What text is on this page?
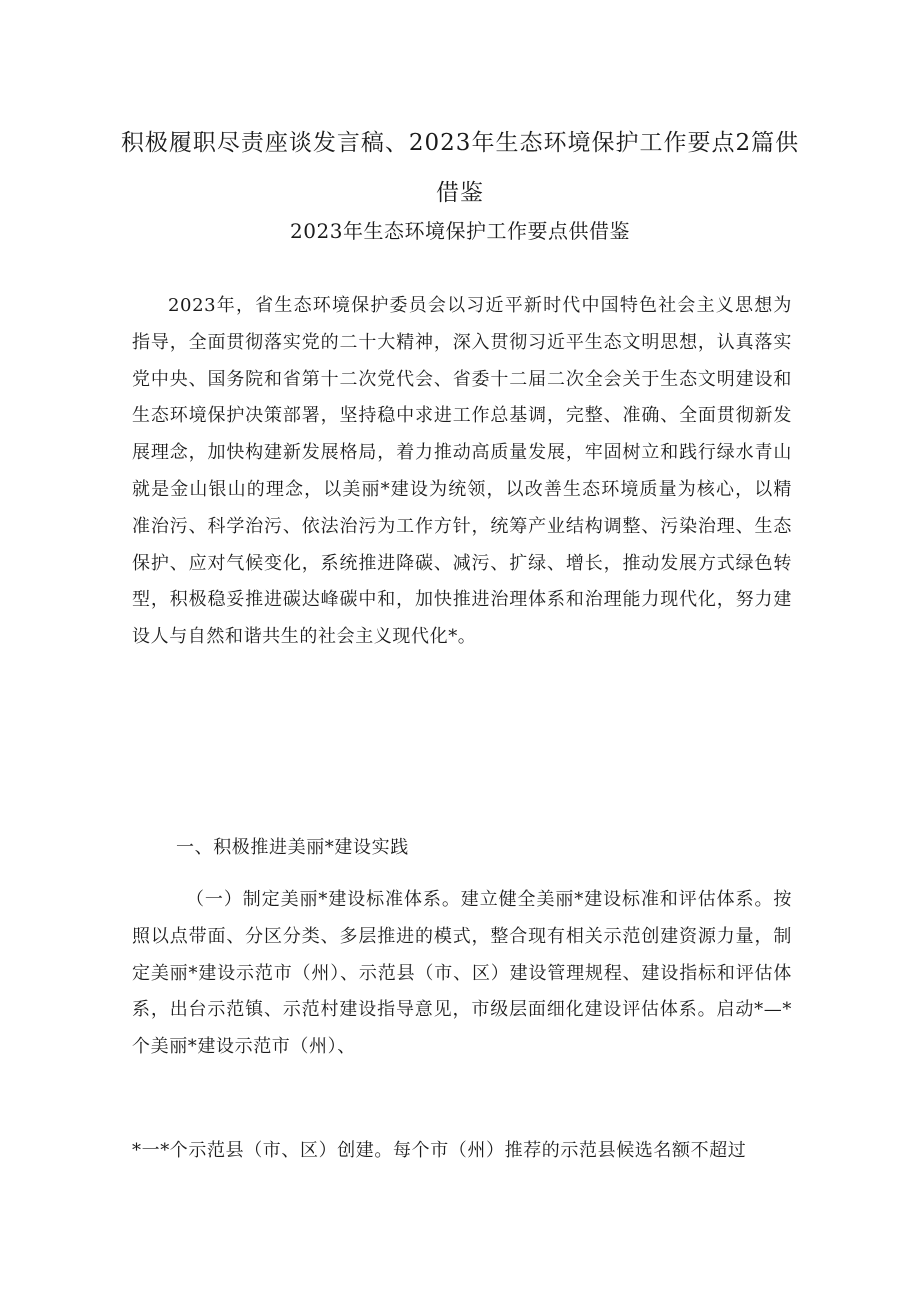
积极履职尽责座谈发言稿、2023年生态环境保护工作要点2篇供借鉴
2023年生态环境保护工作要点供借鉴
2023年，省生态环境保护委员会以习近平新时代中国特色社会主义思想为指导，全面贯彻落实党的二十大精神，深入贯彻习近平生态文明思想，认真落实党中央、国务院和省第十二次党代会、省委十二届二次全会关于生态文明建设和生态环境保护决策部署，坚持稳中求进工作总基调，完整、准确、全面贯彻新发展理念，加快构建新发展格局，着力推动高质量发展，牢固树立和践行绿水青山就是金山银山的理念，以美丽*建设为统领，以改善生态环境质量为核心，以精准治污、科学治污、依法治污为工作方针，统筹产业结构调整、污染治理、生态保护、应对气候变化，系统推进降碳、减污、扩绿、增长，推动发展方式绿色转型，积极稳妥推进碳达峰碳中和，加快推进治理体系和治理能力现代化，努力建设人与自然和谐共生的社会主义现代化*。
一、积极推进美丽*建设实践
（一）制定美丽*建设标准体系。建立健全美丽*建设标准和评估体系。按照以点带面、分区分类、多层推进的模式，整合现有相关示范创建资源力量，制定美丽*建设示范市（州）、示范县（市、区）建设管理规程、建设指标和评估体系，出台示范镇、示范村建设指导意见，市级层面细化建设评估体系。启动*—*个美丽*建设示范市（州）、
*一*个示范县（市、区）创建。每个市（州）推荐的示范县候选名额不超过
